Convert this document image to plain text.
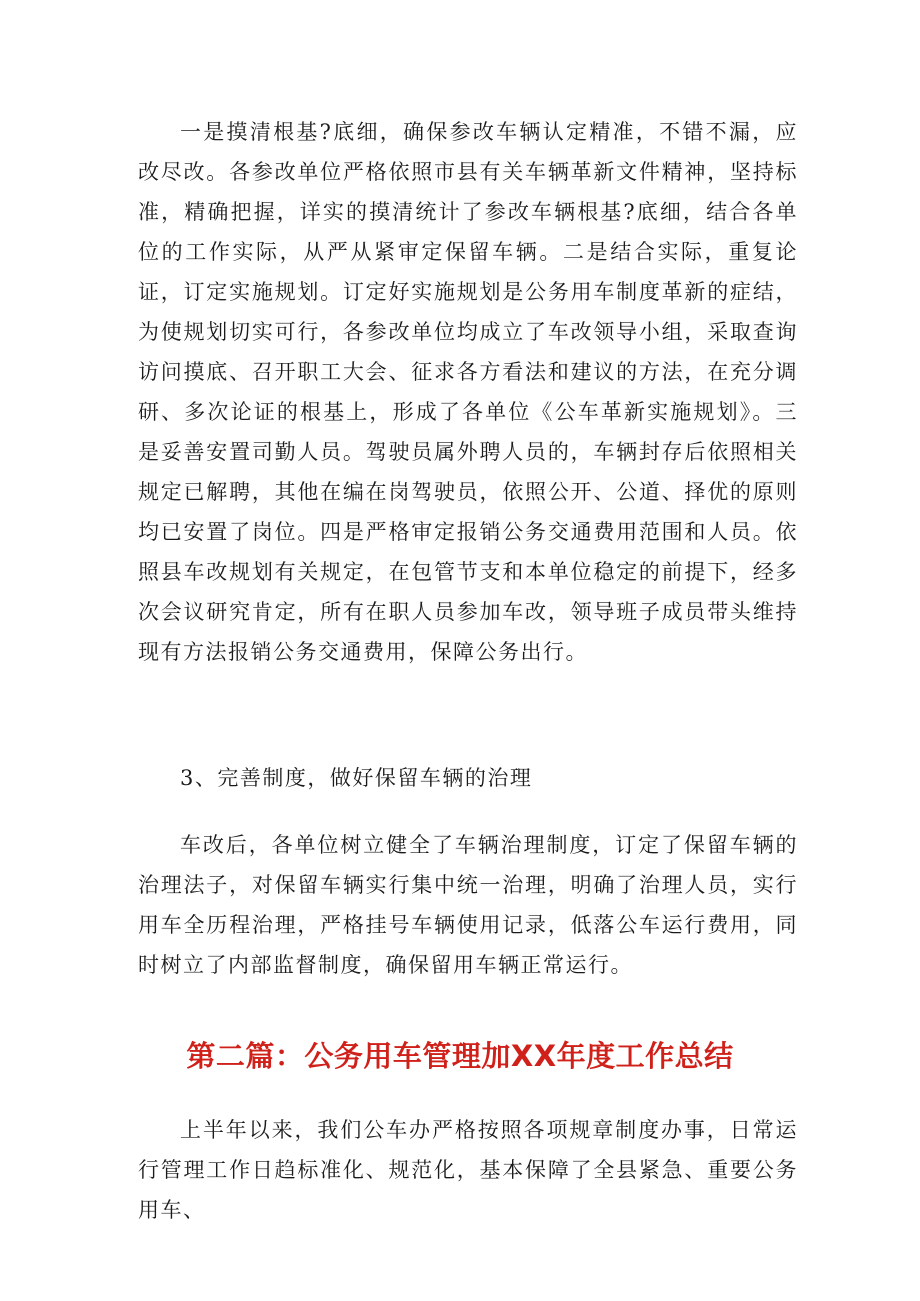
一是摸清根基?底细，确保参改车辆认定精准，不错不漏，应改尽改。各参改单位严格依照市县有关车辆革新文件精神，坚持标准，精确把握，详实的摸清统计了参改车辆根基?底细，结合各单位的工作实际，从严从紧审定保留车辆。二是结合实际，重复论证，订定实施规划。订定好实施规划是公务用车制度革新的症结，为使规划切实可行，各参改单位均成立了车改领导小组，采取查询访问摸底、召开职工大会、征求各方看法和建议的方法，在充分调研、多次论证的根基上，形成了各单位《公车革新实施规划》。三是妥善安置司勤人员。驾驶员属外聘人员的，车辆封存后依照相关规定已解聘，其他在编在岗驾驶员，依照公开、公道、择优的原则均已安置了岗位。四是严格审定报销公务交通费用范围和人员。依照县车改规划有关规定，在包管节支和本单位稳定的前提下，经多次会议研究肯定，所有在职人员参加车改，领导班子成员带头维持现有方法报销公务交通费用，保障公务出行。

3、完善制度，做好保留车辆的治理

车改后，各单位树立健全了车辆治理制度，订定了保留车辆的治理法子，对保留车辆实行集中统一治理，明确了治理人员，实行用车全历程治理，严格挂号车辆使用记录，低落公车运行费用，同时树立了内部监督制度，确保留用车辆正常运行。

第二篇：公务用车管理加XX年度工作总结

上半年以来，我们公车办严格按照各项规章制度办事，日常运行管理工作日趋标准化、规范化，基本保障了全县紧急、重要公务用车、
